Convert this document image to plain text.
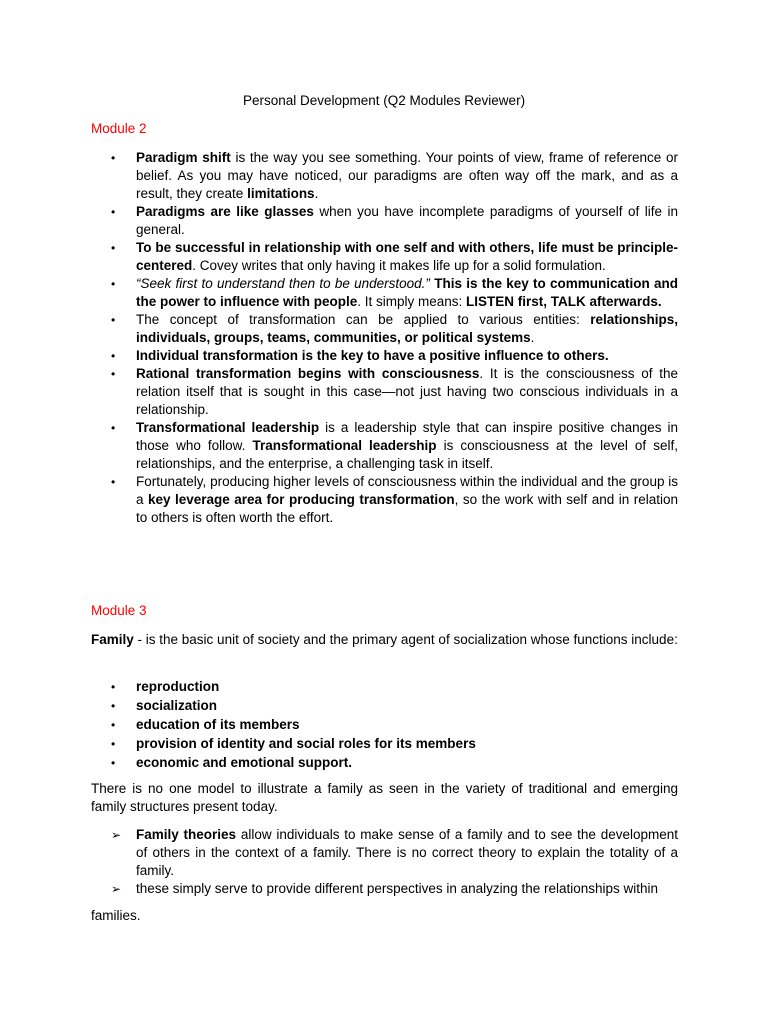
Personal Development (Q2 Modules Reviewer)
Module 2
•	Paradigm shift is the way you see something. Your points of view, frame of reference or belief. As you may have noticed, our paradigms are often way off the mark, and as a result, they create limitations.
•	Paradigms are like glasses when you have incomplete paradigms of yourself of life in general.
•	To be successful in relationship with one self and with others, life must be principle- centered. Covey writes that only having it makes life up for a solid formulation.
•	“Seek first to understand then to be understood.” This is the key to communication and the power to influence with people. It simply means: LISTEN first, TALK afterwards.
•	The concept of transformation can be applied to various entities: relationships, individuals, groups, teams, communities, or political systems.
•	Individual transformation is the key to have a positive influence to others.
•	Rational transformation begins with consciousness. It is the consciousness of the relation itself that is sought in this case—not just having two conscious individuals in a relationship.
•	Transformational leadership is a leadership style that can inspire positive changes in those who follow. Transformational leadership is consciousness at the level of self, relationships, and the enterprise, a challenging task in itself.
•	Fortunately, producing higher levels of consciousness within the individual and the group is a key leverage area for producing transformation, so the work with self and in relation to others is often worth the effort.
Module 3

Family - is the basic unit of society and the primary agent of socialization whose functions include:

•	reproduction
•	socialization
•	education of its members
•	provision of identity and social roles for its members
•	economic and emotional support.

There is no one model to illustrate a family as seen in the variety of traditional and emerging family structures present today.

➢ Family theories allow individuals to make sense of a family and to see the development of others in the context of a family. There is no correct theory to explain the totality of a family.
➢ these simply serve to provide different perspectives in analyzing the relationships within

families.
